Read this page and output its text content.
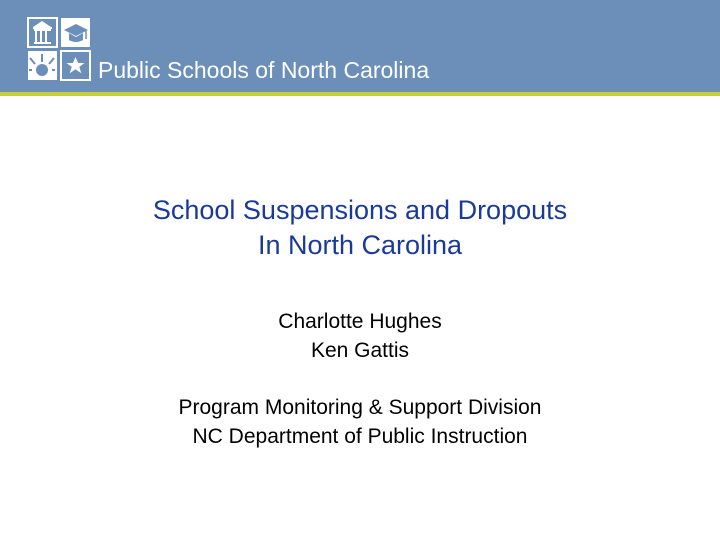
Public Schools of North Carolina
School Suspensions and Dropouts
In North Carolina
Charlotte Hughes
Ken Gattis
Program Monitoring & Support Division
NC Department of Public Instruction
